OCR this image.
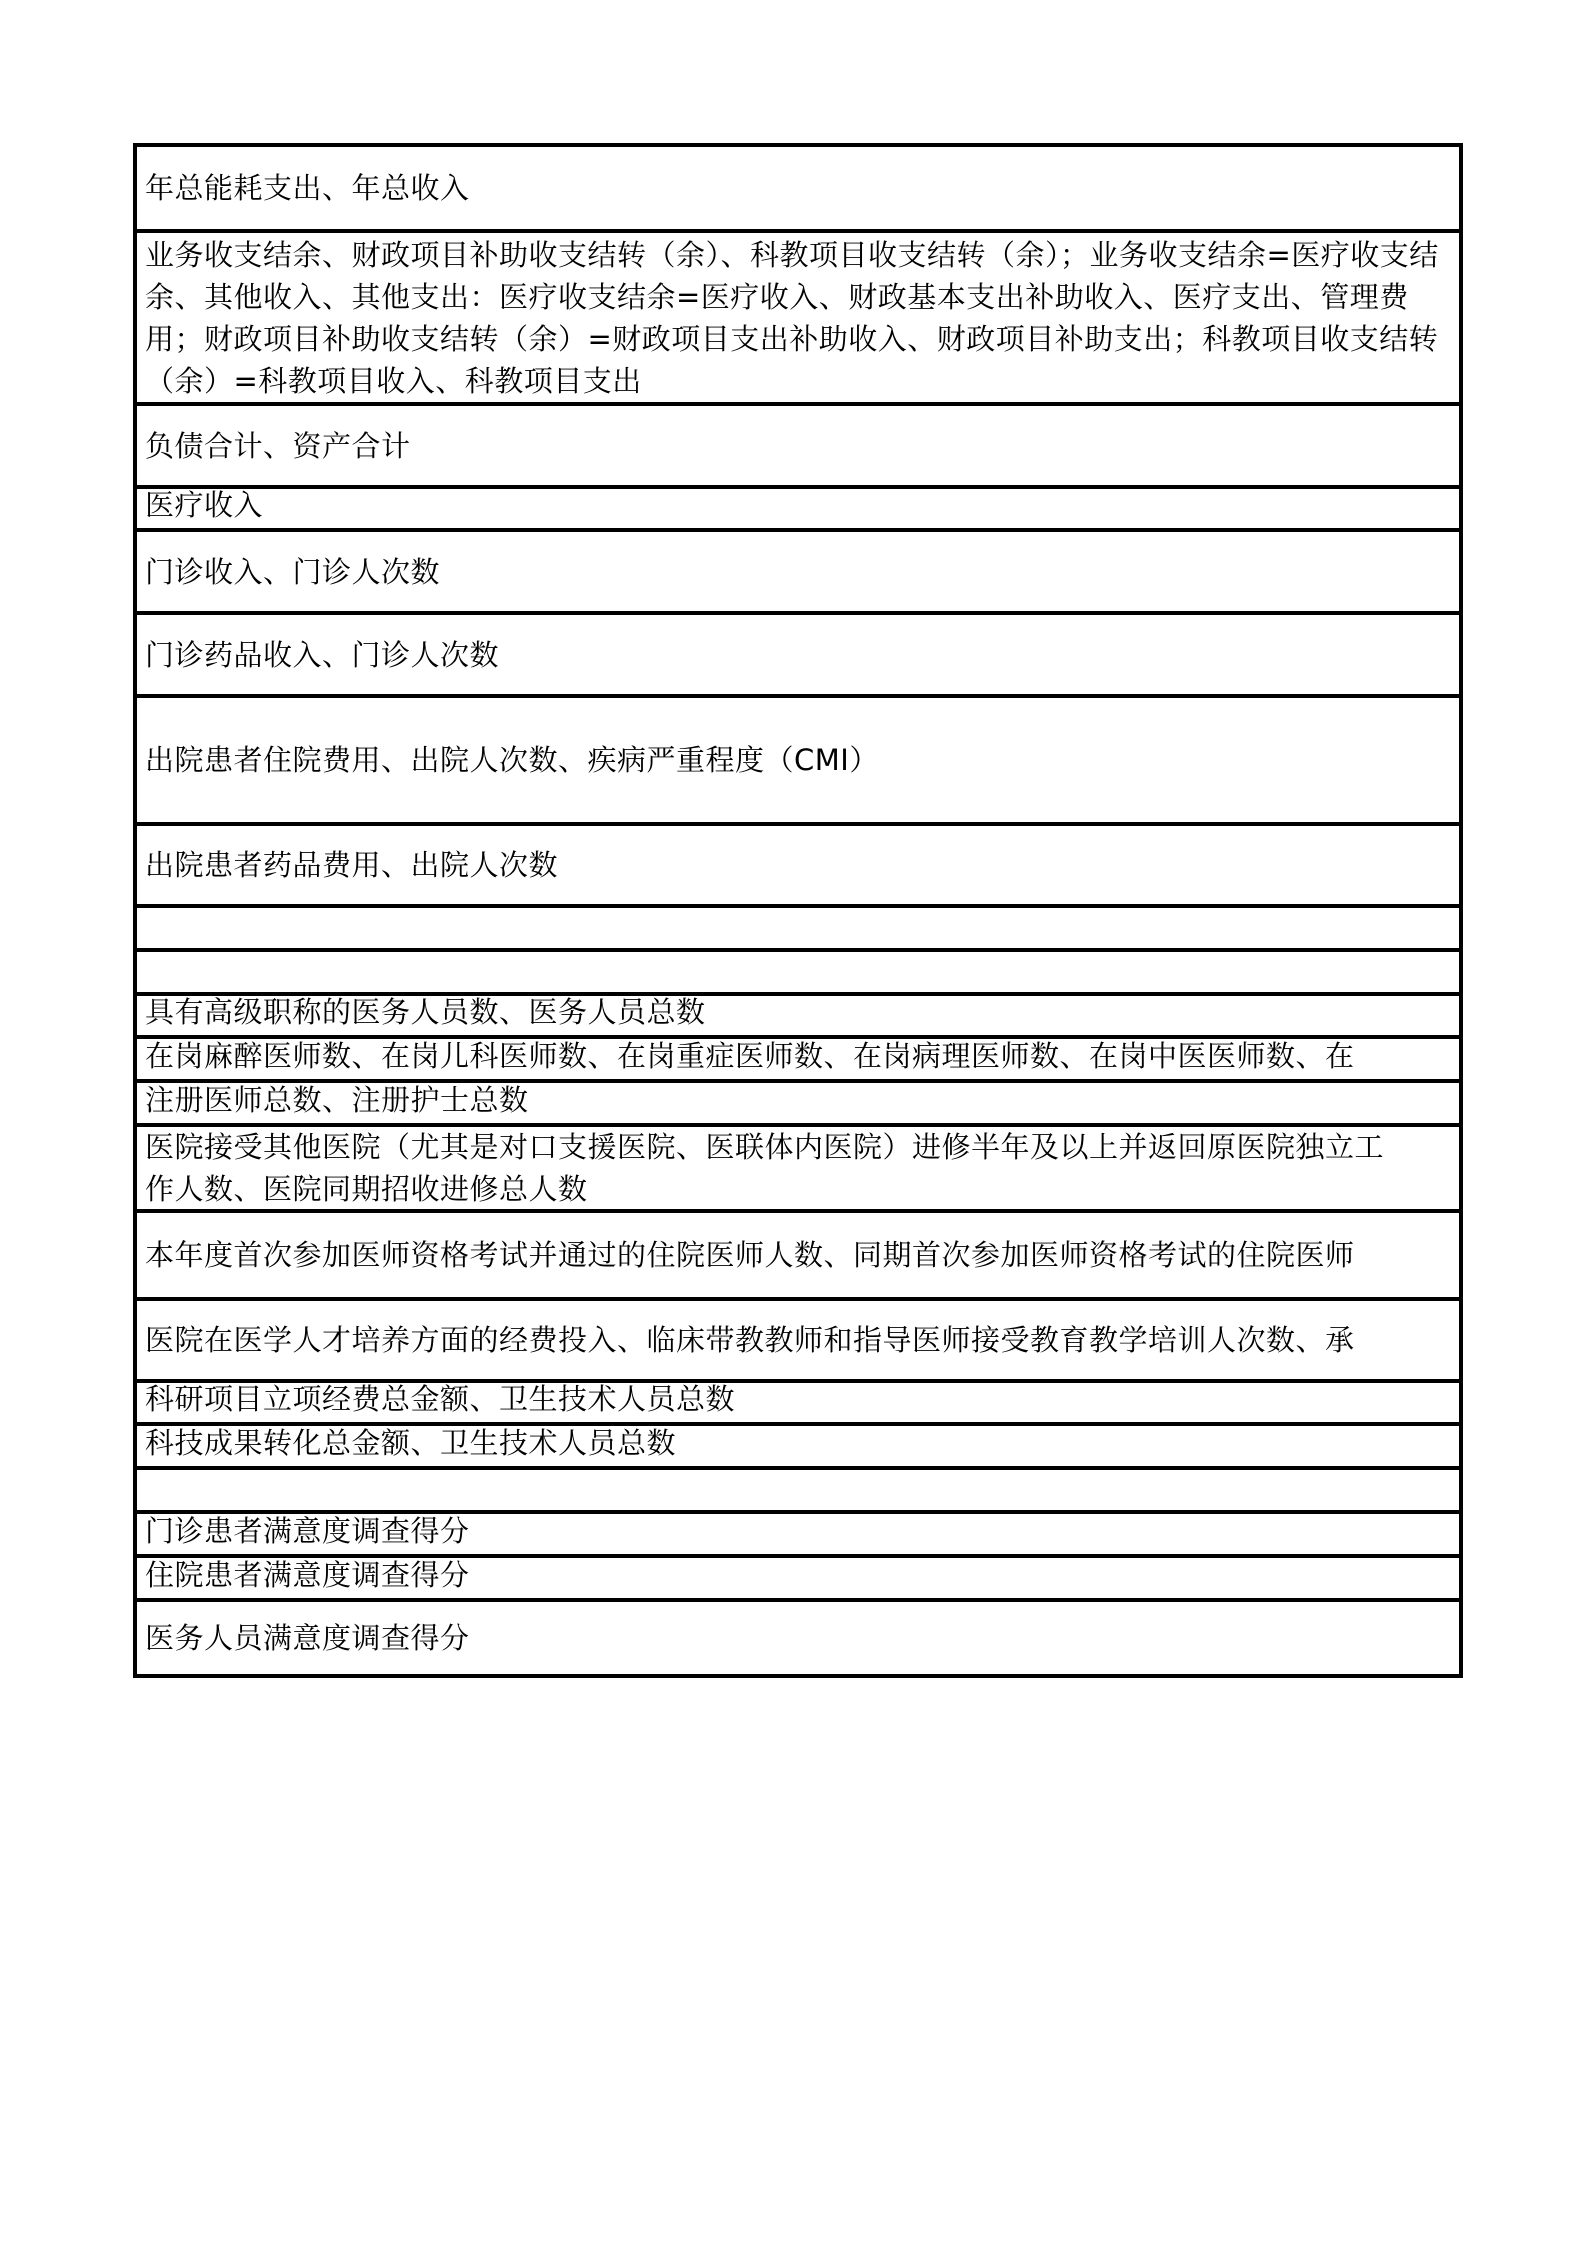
年总能耗支出、年总收入
业务收支结余、财政项目补助收支结转（余）、科教项目收支结转（余）；业务收支结余=医疗收支结余、其他收入、其他支出：医疗收支结余=医疗收入、财政基本支出补助收入、医疗支出、管理费用；财政项目补助收支结转（余）=财政项目支出补助收入、财政项目补助支出；科教项目收支结转（余）=科教项目收入、科教项目支出
负债合计、资产合计
医疗收入
门诊收入、门诊人次数
门诊药品收入、门诊人次数
出院患者住院费用、出院人次数、疾病严重程度（CMI）
出院患者药品费用、出院人次数
具有高级职称的医务人员数、医务人员总数
在岗麻醉医师数、在岗儿科医师数、在岗重症医师数、在岗病理医师数、在岗中医医师数、在
注册医师总数、注册护士总数
医院接受其他医院（尤其是对口支援医院、医联体内医院）进修半年及以上并返回原医院独立工作人数、医院同期招收进修总人数
本年度首次参加医师资格考试并通过的住院医师人数、同期首次参加医师资格考试的住院医师
医院在医学人才培养方面的经费投入、临床带教教师和指导医师接受教育教学培训人次数、承
科研项目立项经费总金额、卫生技术人员总数
科技成果转化总金额、卫生技术人员总数
门诊患者满意度调查得分
住院患者满意度调查得分
医务人员满意度调查得分
